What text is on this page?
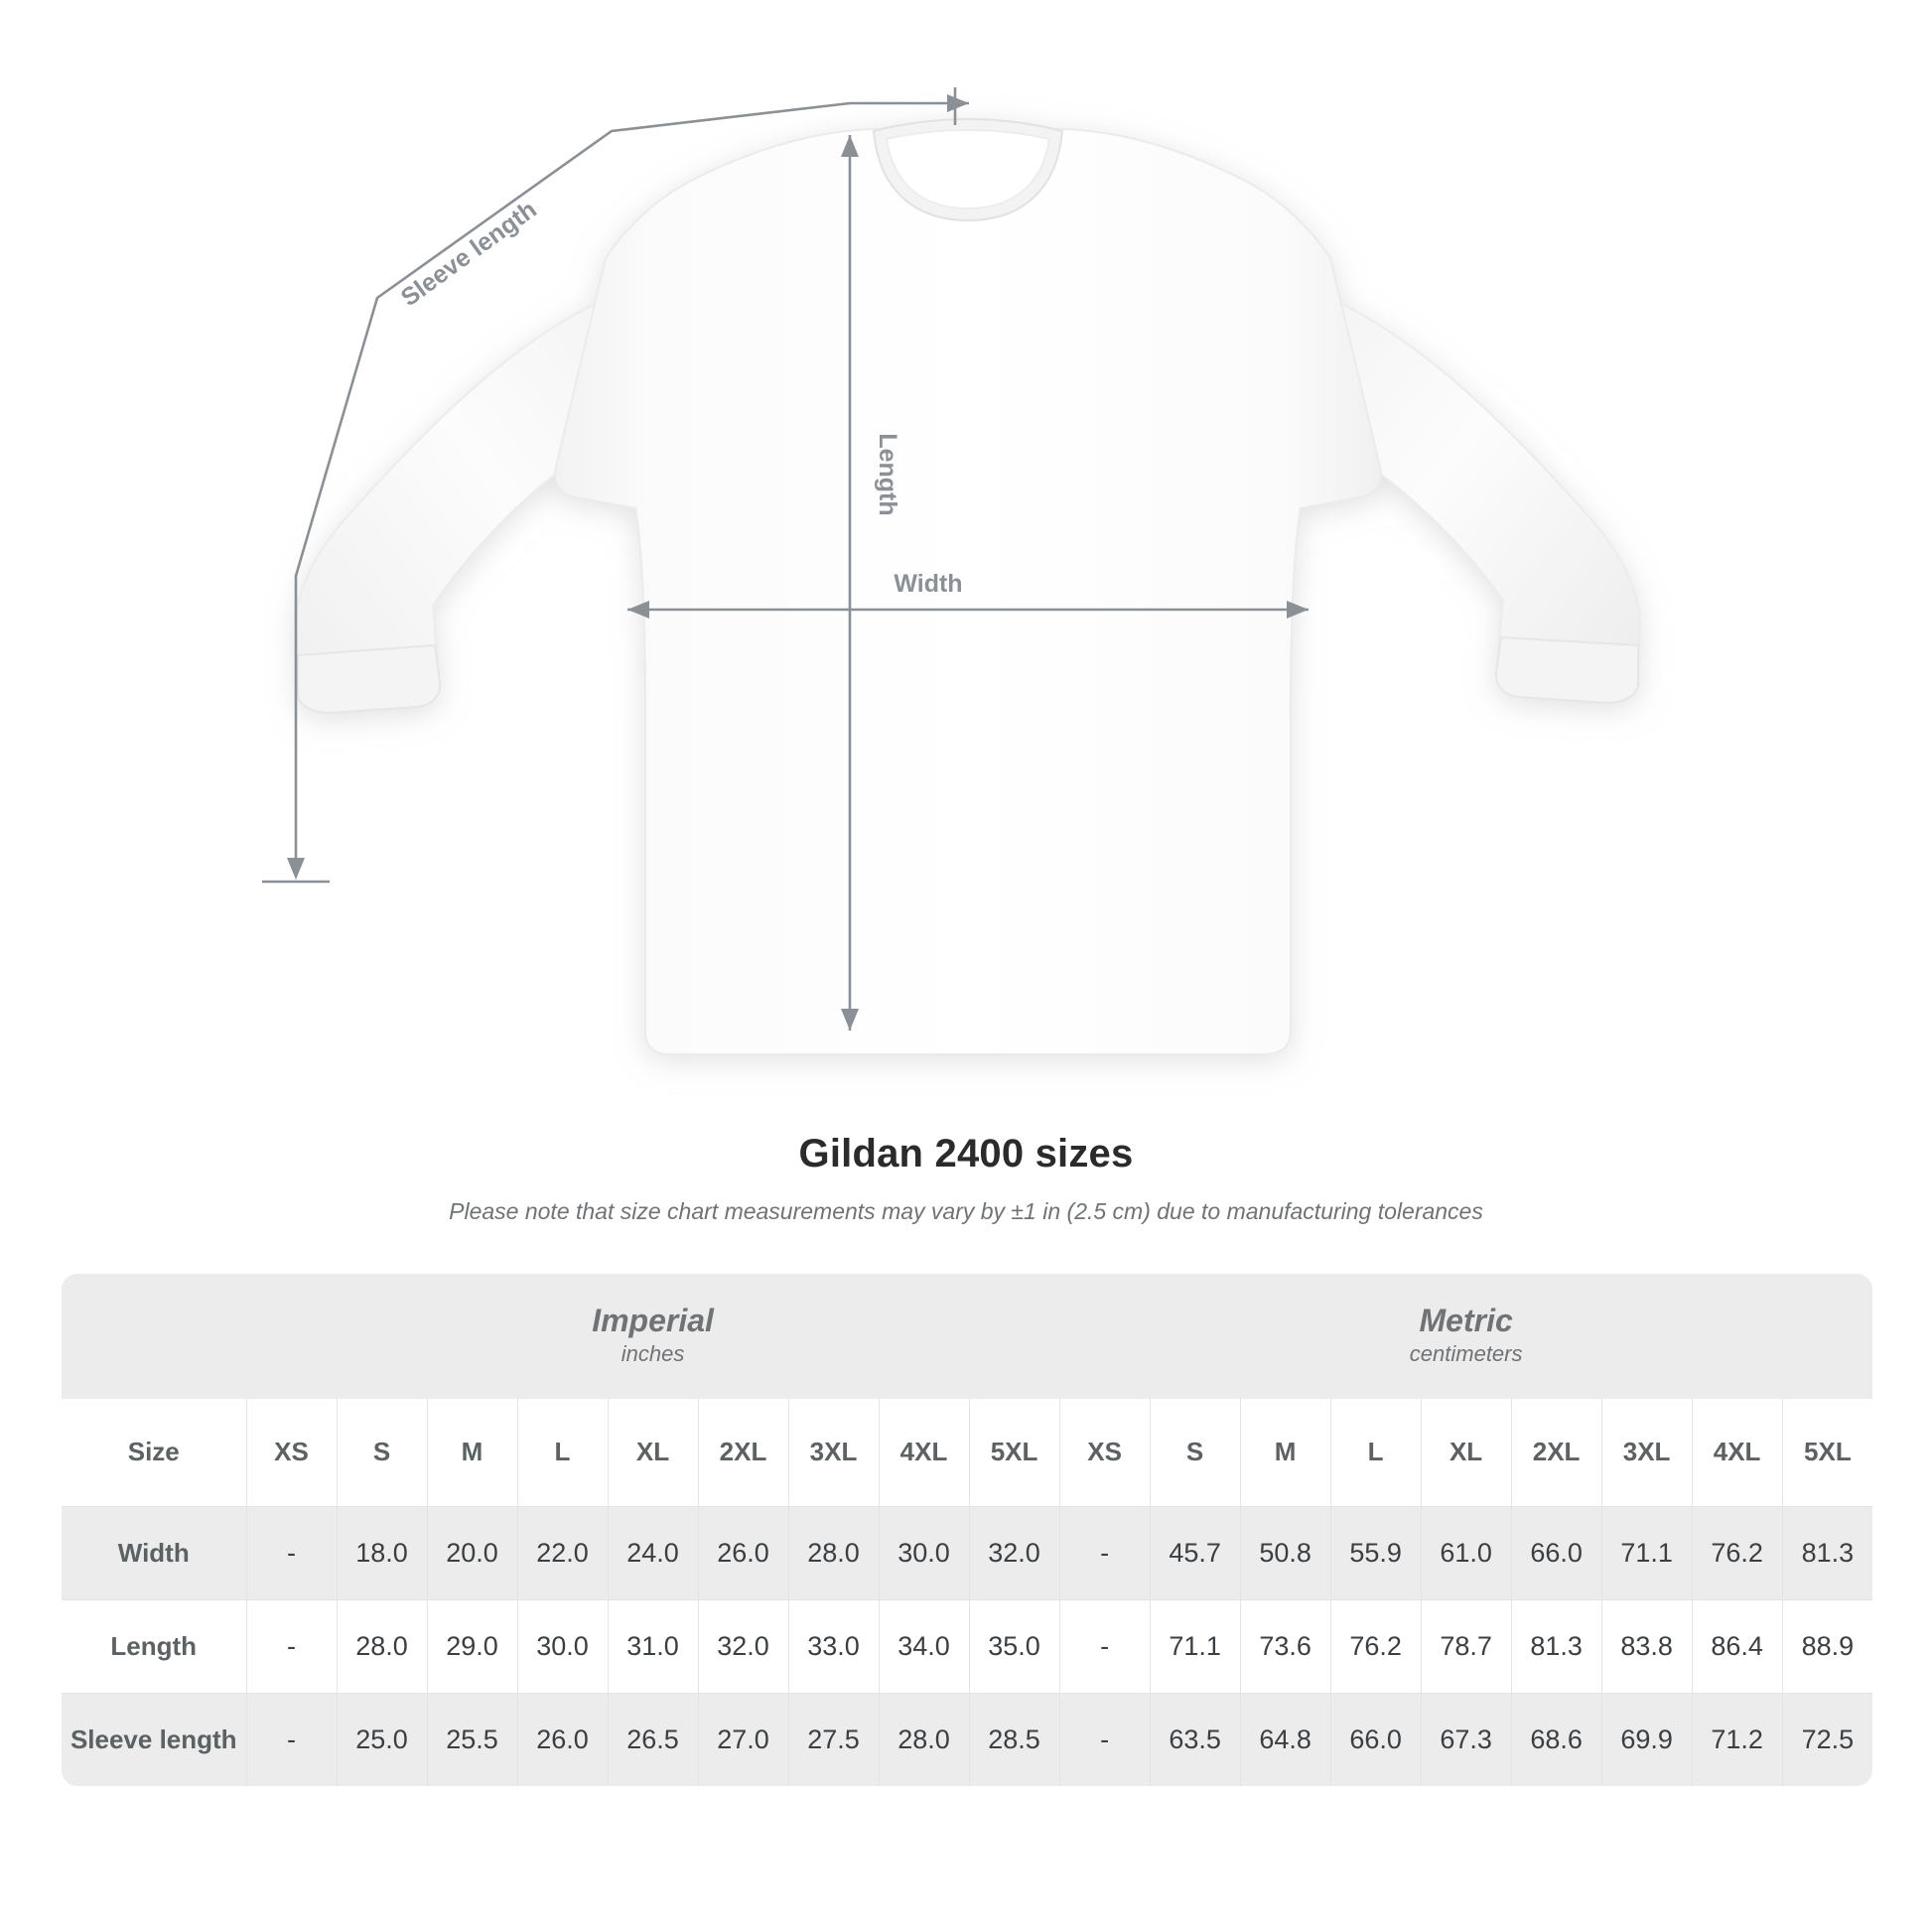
Width
Length
Sleeve length
Gildan 2400 sizes
Please note that size chart measurements may vary by ±1 in (2.5 cm) due to manufacturing tolerances

Imperial
inches

Metric
centimeters

Size	XS	S	M	L	XL	2XL	3XL	4XL	5XL	XS	S	M	L	XL	2XL	3XL	4XL	5XL
Width	-	18.0	20.0	22.0	24.0	26.0	28.0	30.0	32.0	-	45.7	50.8	55.9	61.0	66.0	71.1	76.2	81.3
Length	-	28.0	29.0	30.0	31.0	32.0	33.0	34.0	35.0	-	71.1	73.6	76.2	78.7	81.3	83.8	86.4	88.9
Sleeve length	-	25.0	25.5	26.0	26.5	27.0	27.5	28.0	28.5	-	63.5	64.8	66.0	67.3	68.6	69.9	71.2	72.5
